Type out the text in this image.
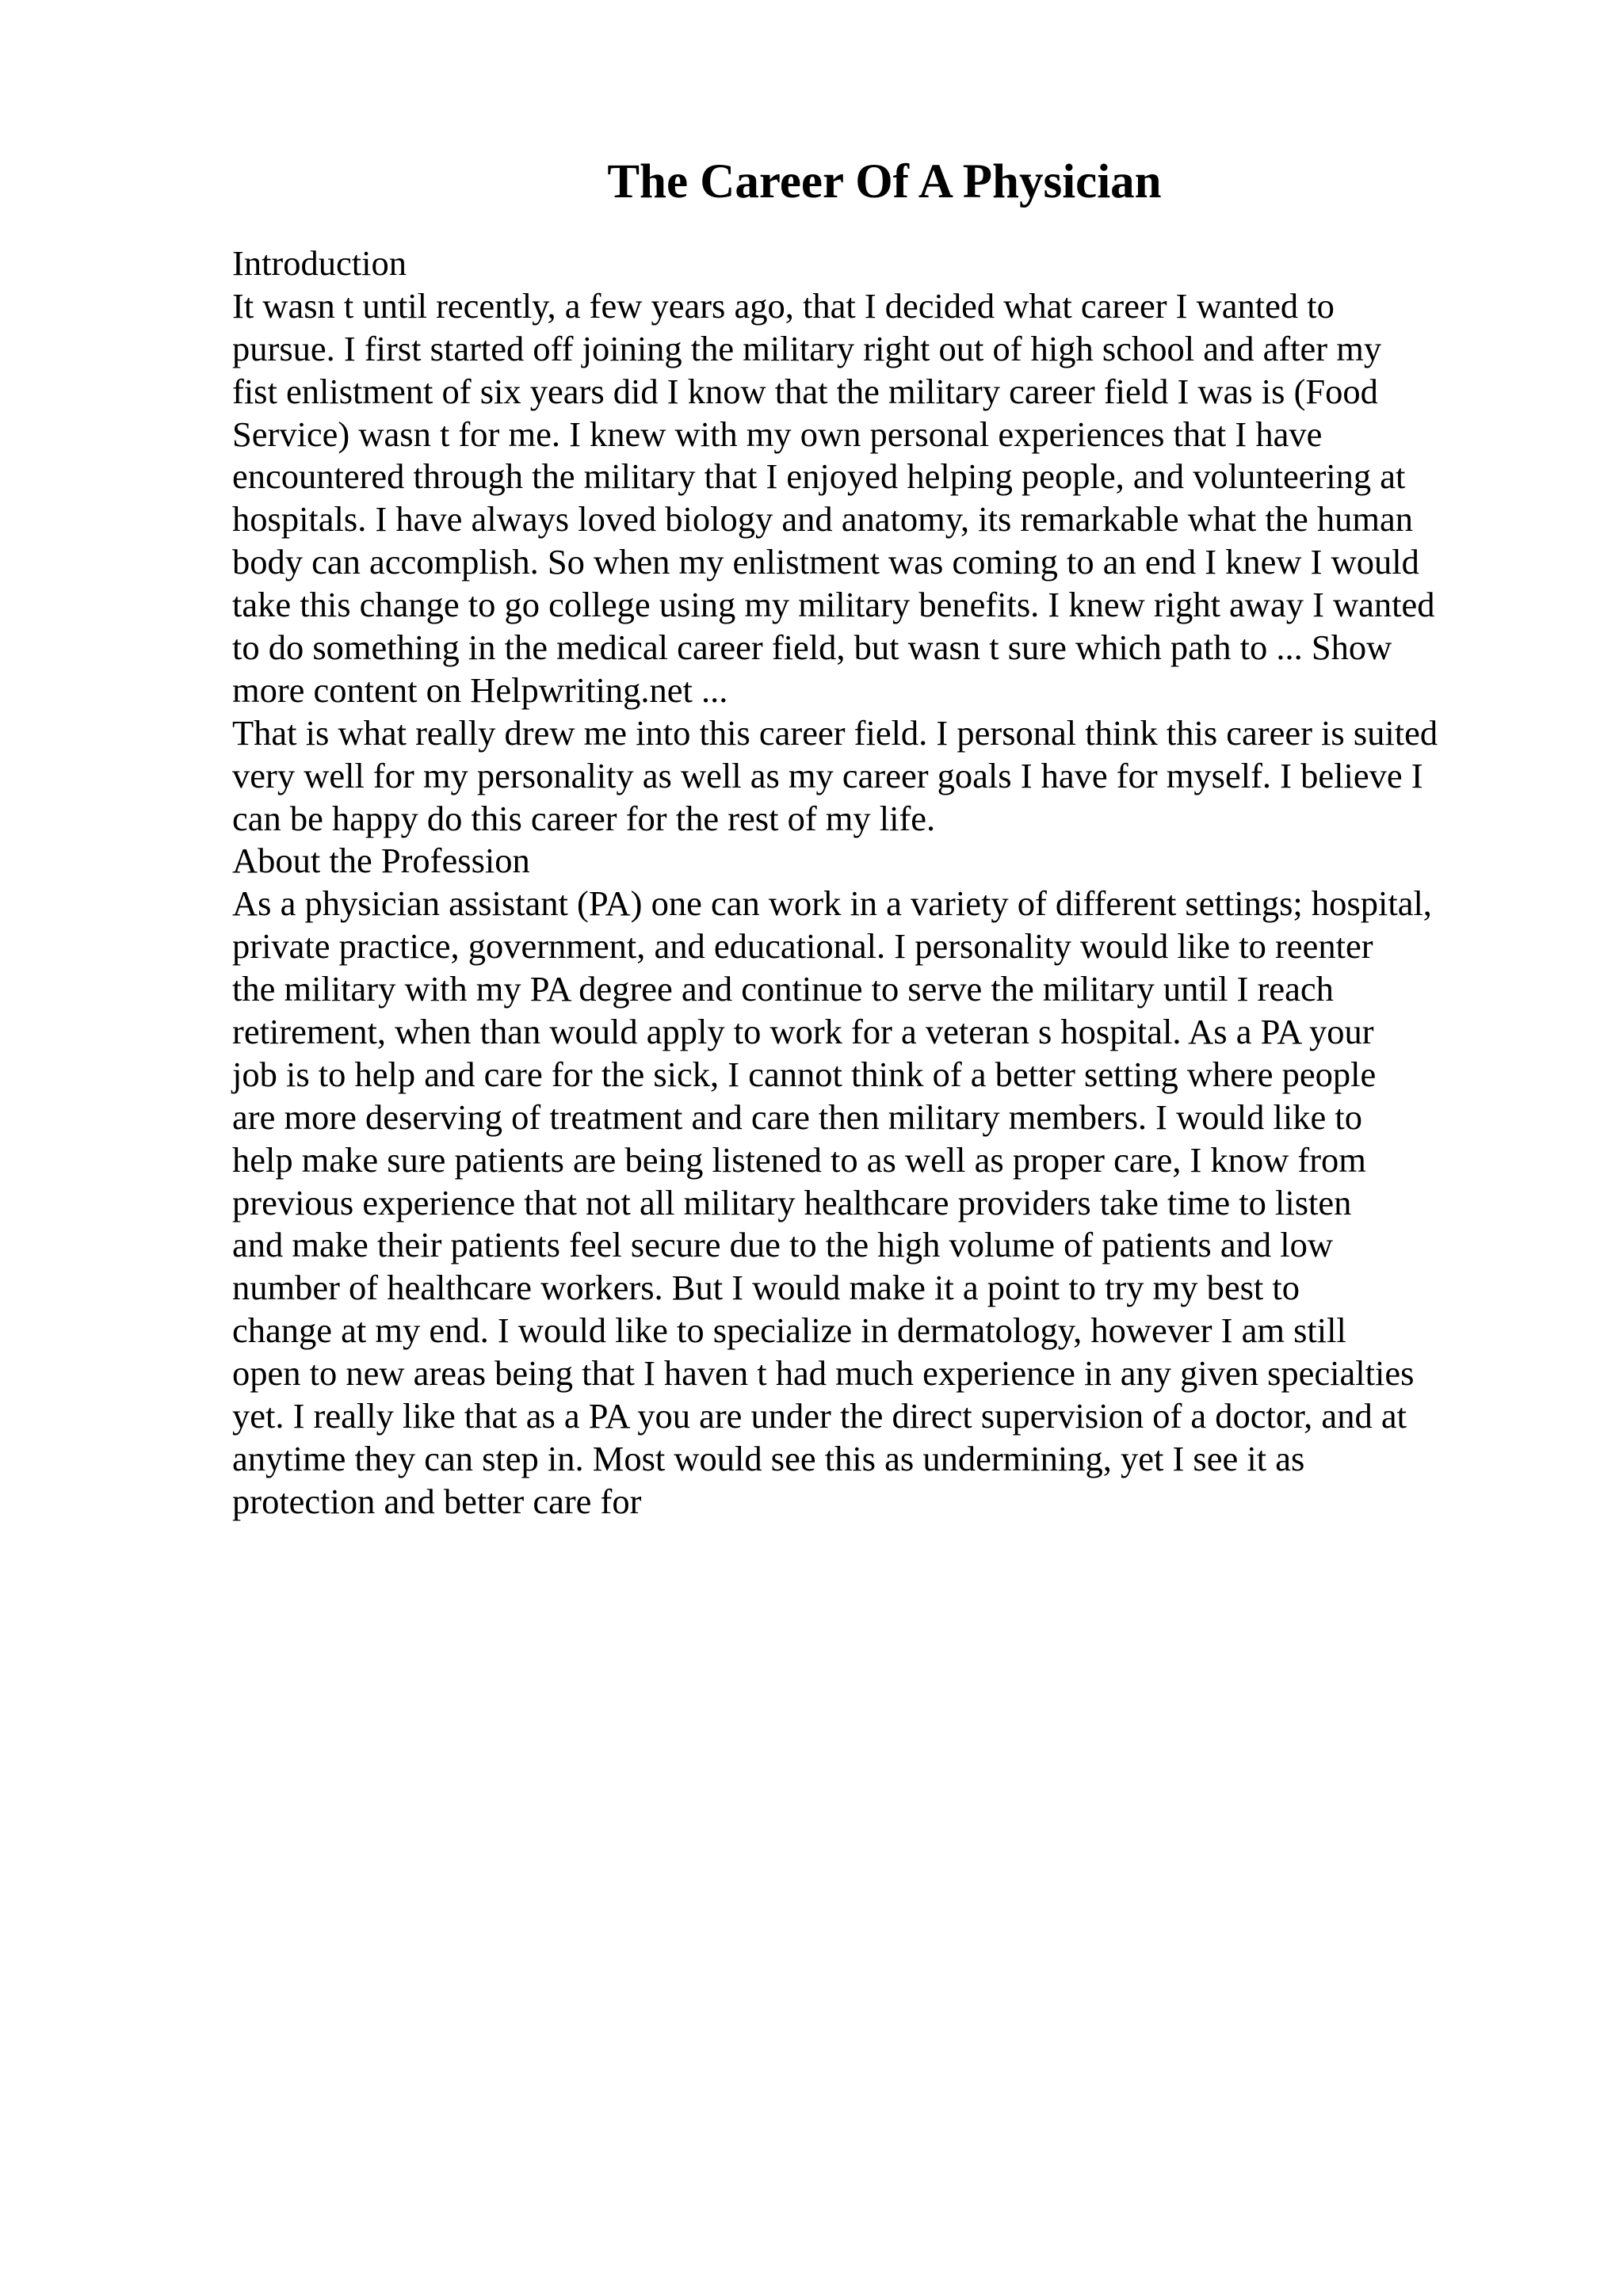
The Career Of A Physician
Introduction
It wasn t until recently, a few years ago, that I decided what career I wanted to
pursue. I first started off joining the military right out of high school and after my
fist enlistment of six years did I know that the military career field I was is (Food
Service) wasn t for me. I knew with my own personal experiences that I have
encountered through the military that I enjoyed helping people, and volunteering at
hospitals. I have always loved biology and anatomy, its remarkable what the human
body can accomplish. So when my enlistment was coming to an end I knew I would
take this change to go college using my military benefits. I knew right away I wanted
to do something in the medical career field, but wasn t sure which path to ... Show
more content on Helpwriting.net ...
That is what really drew me into this career field. I personal think this career is suited
very well for my personality as well as my career goals I have for myself. I believe I
can be happy do this career for the rest of my life.
About the Profession
As a physician assistant (PA) one can work in a variety of different settings; hospital,
private practice, government, and educational. I personality would like to reenter
the military with my PA degree and continue to serve the military until I reach
retirement, when than would apply to work for a veteran s hospital. As a PA your
job is to help and care for the sick, I cannot think of a better setting where people
are more deserving of treatment and care then military members. I would like to
help make sure patients are being listened to as well as proper care, I know from
previous experience that not all military healthcare providers take time to listen
and make their patients feel secure due to the high volume of patients and low
number of healthcare workers. But I would make it a point to try my best to
change at my end. I would like to specialize in dermatology, however I am still
open to new areas being that I haven t had much experience in any given specialties
yet. I really like that as a PA you are under the direct supervision of a doctor, and at
anytime they can step in. Most would see this as undermining, yet I see it as
protection and better care for
